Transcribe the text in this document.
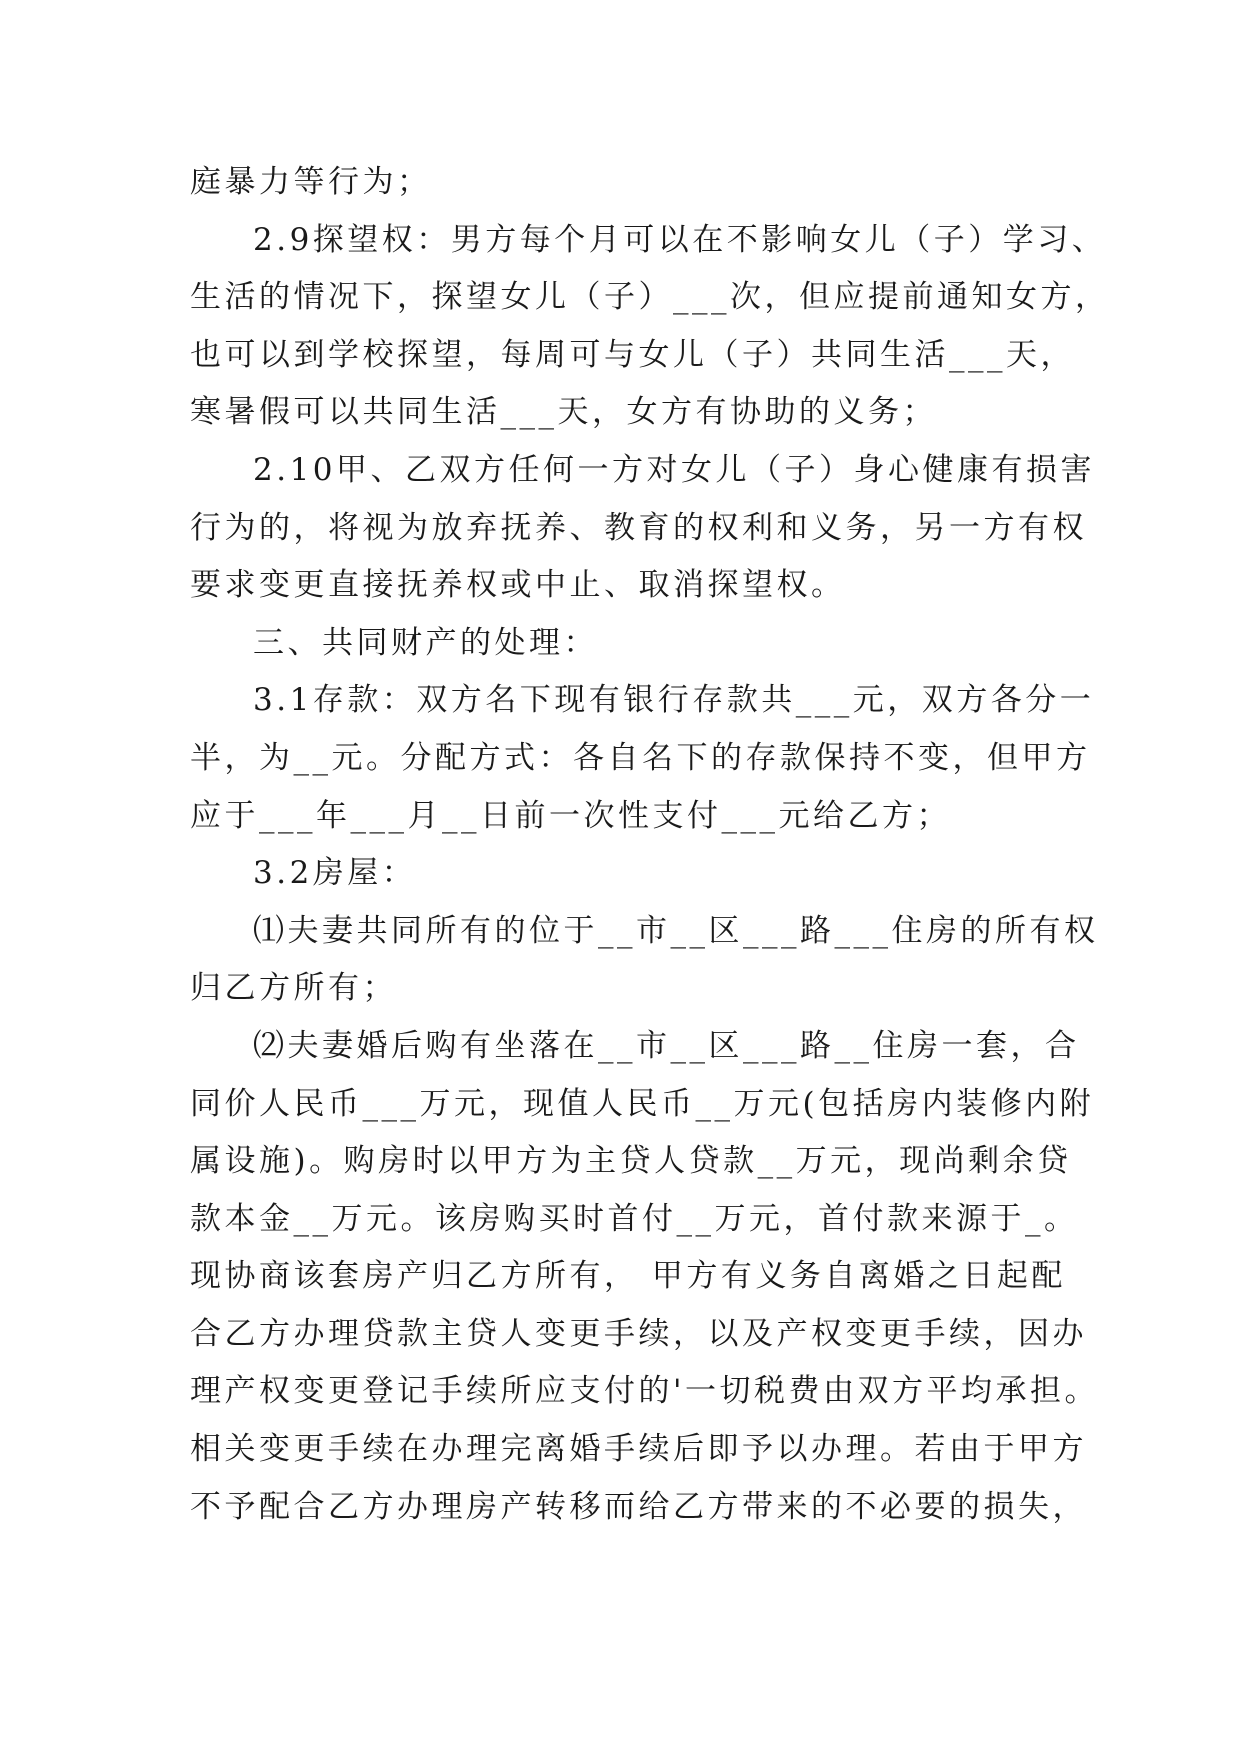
庭暴力等行为；
2.9探望权：男方每个月可以在不影响女儿（子）学习、
生活的情况下，探望女儿（子）___次，但应提前通知女方，
也可以到学校探望，每周可与女儿（子）共同生活___天，
寒暑假可以共同生活___天，女方有协助的义务；
2.10甲、乙双方任何一方对女儿（子）身心健康有损害
行为的，将视为放弃抚养、教育的权利和义务，另一方有权
要求变更直接抚养权或中止、取消探望权。
三、共同财产的处理：
3.1存款：双方名下现有银行存款共___元，双方各分一
半，为__元。分配方式：各自名下的存款保持不变，但甲方
应于___年___月__日前一次性支付___元给乙方；
3.2房屋：
⑴夫妻共同所有的位于__市__区___路___住房的所有权
归乙方所有；
⑵夫妻婚后购有坐落在__市__区___路__住房一套，合
同价人民币___万元，现值人民币__万元(包括房内装修内附
属设施)。购房时以甲方为主贷人贷款__万元，现尚剩余贷
款本金__万元。该房购买时首付__万元，首付款来源于_。
现协商该套房产归乙方所有， 甲方有义务自离婚之日起配
合乙方办理贷款主贷人变更手续，以及产权变更手续，因办
理产权变更登记手续所应支付的'一切税费由双方平均承担。
相关变更手续在办理完离婚手续后即予以办理。若由于甲方
不予配合乙方办理房产转移而给乙方带来的不必要的损失，
